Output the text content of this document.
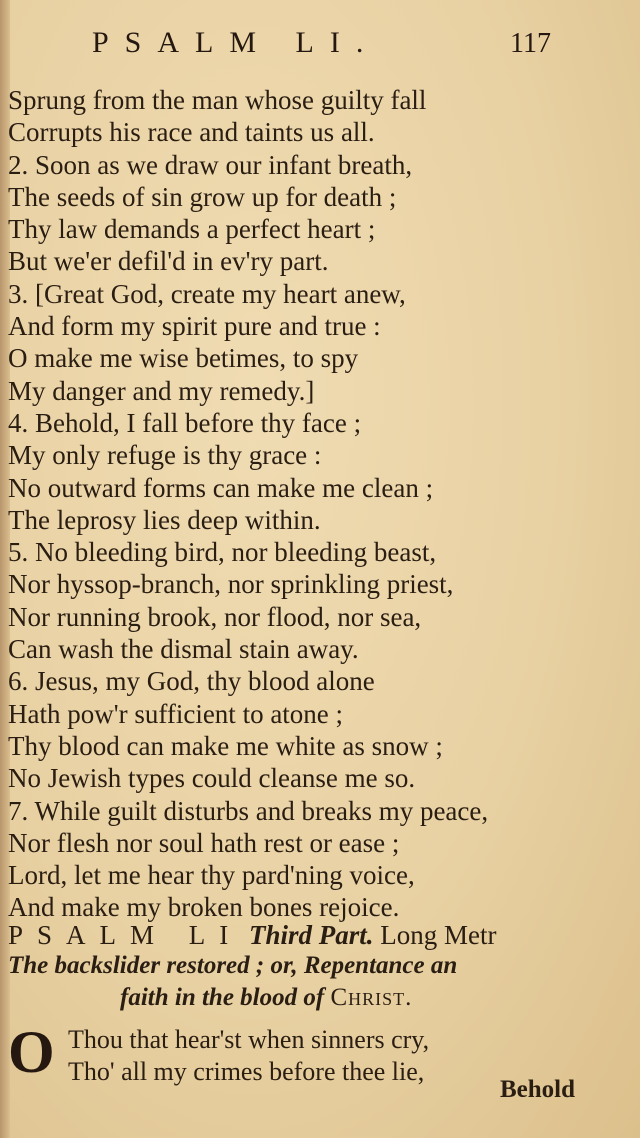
PSALM LI.	117
Sprung from the man whose guilty fall
Corrupts his race and taints us all.
2. Soon as we draw our infant breath,
The seeds of sin grow up for death ;
Thy law demands a perfect heart ;
But we'er defil'd in ev'ry part.
3. [Great God, create my heart anew,
And form my spirit pure and true :
O make me wise betimes, to spy
My danger and my remedy.]
4. Behold, I fall before thy face ;
My only refuge is thy grace :
No outward forms can make me clean ;
The leprosy lies deep within.
5. No bleeding bird, nor bleeding beast,
Nor hyssop-branch, nor sprinkling priest,
Nor running brook, nor flood, nor sea,
Can wash the dismal stain away.
6. Jesus, my God, thy blood alone
Hath pow'r sufficient to atone ;
Thy blood can make me white as snow ;
No Jewish types could cleanse me so.
7. While guilt disturbs and breaks my peace,
Nor flesh nor soul hath rest or ease ;
Lord, let me hear thy pard'ning voice,
And make my broken bones rejoice.
PSALM LI Third Part. Long Metr
The backslider restored ; or, Repentance an
faith in the blood of Christ.
O Thou that hear'st when sinners cry,
Tho' all my crimes before thee lie,
Behold
